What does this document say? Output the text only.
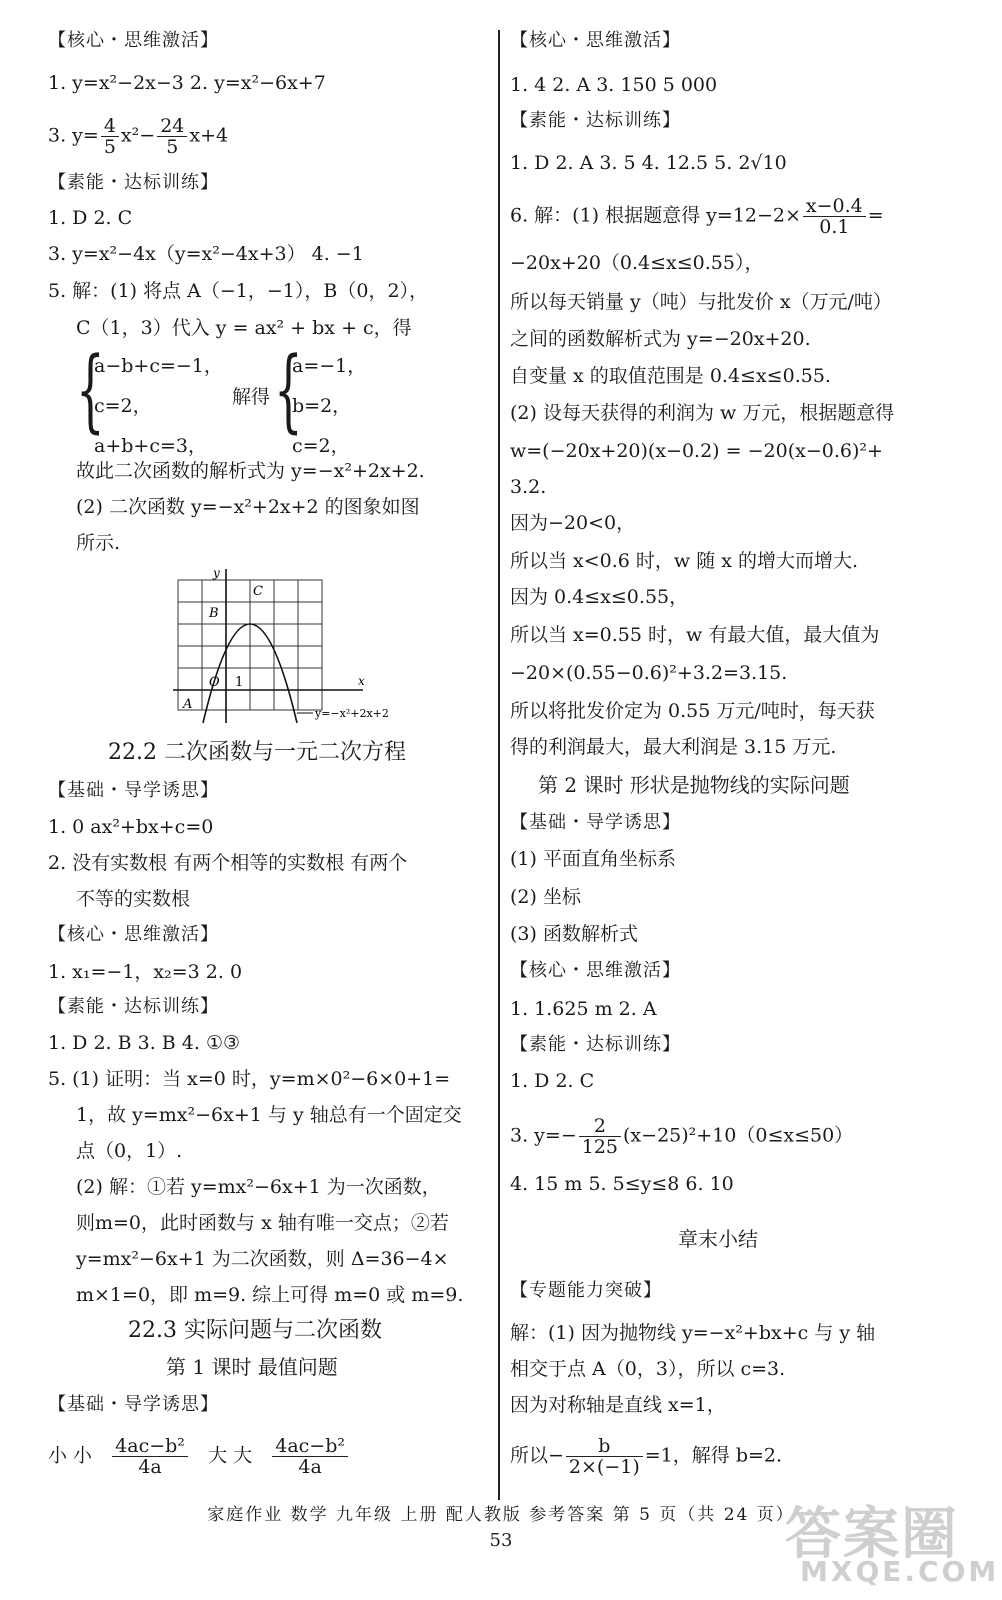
【核心・思维激活】
1. y=x²−2x−3 2. y=x²−6x+7
3. $y= \frac{4}{5} x^2- \frac{24}{5} x+4$
【素能・达标训练】
1. D 2. C
3. y=x²−4x（y=x²−4x+3） 4. −1
5. 解：(1) 将点 A（−1，−1），B（0，2），
C（1，3）代入 y = ax² + bx + c，得
{
a−b+c=−1，
c=2，
a+b+c=3，
解得 {
a=−1，
b=2，
c=2，
故此二次函数的解析式为 y=−x²+2x+2.
(2) 二次函数 y=−x²+2x+2 的图象如图
所示.
y
x
C
B
A
O 1
y=−x²+2x+2
22.2 二次函数与一元二次方程
【基础・导学诱思】
1. 0 ax²+bx+c=0
2. 没有实数根 有两个相等的实数根 有两个
不等的实数根
【核心・思维激活】
1. x₁=−1，x₂=3 2. 0
【素能・达标训练】
1. D 2. B 3. B 4. ①③
5. (1) 证明：当 x=0 时，y=m×0²−6×0+1=
1，故 y=mx²−6x+1 与 y 轴总有一个固定交
点（0，1）.
(2) 解：①若 y=mx²−6x+1 为一次函数，
则m=0，此时函数与 x 轴有唯一交点；②若
y=mx²−6x+1 为二次函数，则 Δ=36−4×
m×1=0，即 m=9. 综上可得 m=0 或 m=9.
22.3 实际问题与二次函数
第 1 课时 最值问题
【基础・导学诱思】
小 小 $\frac{\text{4ac−b²}}{4a}$ 大 大 $\frac{\text{4ac−b²}}{4a}$
【核心・思维激活】
1. 4 2. A 3. 150 5 000
【素能・达标训练】
1. D 2. A 3. 5 4. 12.5 5. 2√10
6. 解：(1) 根据题意得 $y=12-2\times \frac{x-0.4}{0.1}$ =
−20x+20（0.4≤x≤0.55），
所以每天销量 y（吨）与批发价 x（万元/吨）
之间的函数解析式为 y=−20x+20.
自变量 x 的取值范围是 0.4≤x≤0.55.
(2) 设每天获得的利润为 w 万元，根据题意得
w=(−20x+20)(x−0.2) = −20(x−0.6)²+
3.2.
因为−20<0，
所以当 x<0.6 时，w 随 x 的增大而增大.
因为 0.4≤x≤0.55，
所以当 x=0.55 时，w 有最大值，最大值为
−20×(0.55−0.6)²+3.2=3.15.
所以将批发价定为 0.55 万元/吨时，每天获
得的利润最大，最大利润是 3.15 万元.
第 2 课时 形状是抛物线的实际问题
【基础・导学诱思】
(1) 平面直角坐标系
(2) 坐标
(3) 函数解析式
【核心・思维激活】
1. 1.625 m 2. A
【素能・达标训练】
1. D 2. C
3. $y=- \frac{2}{125} (x-25)^2+10(0\le x\le 50)$
4. 15 m 5. 5≤y≤8 6. 10
章末小结
【专题能力突破】
解：(1) 因为抛物线 y=−x²+bx+c 与 y 轴
相交于点 A（0，3），所以 c=3.
因为对称轴是直线 x=1，
所以− $\frac{b}{2\times(-1)} =1$，解得 b=2.
家庭作业 数学 九年级 上册 配人教版 参考答案 第 5 页（共 24 页）
53	答案圈
MXQE.COM
